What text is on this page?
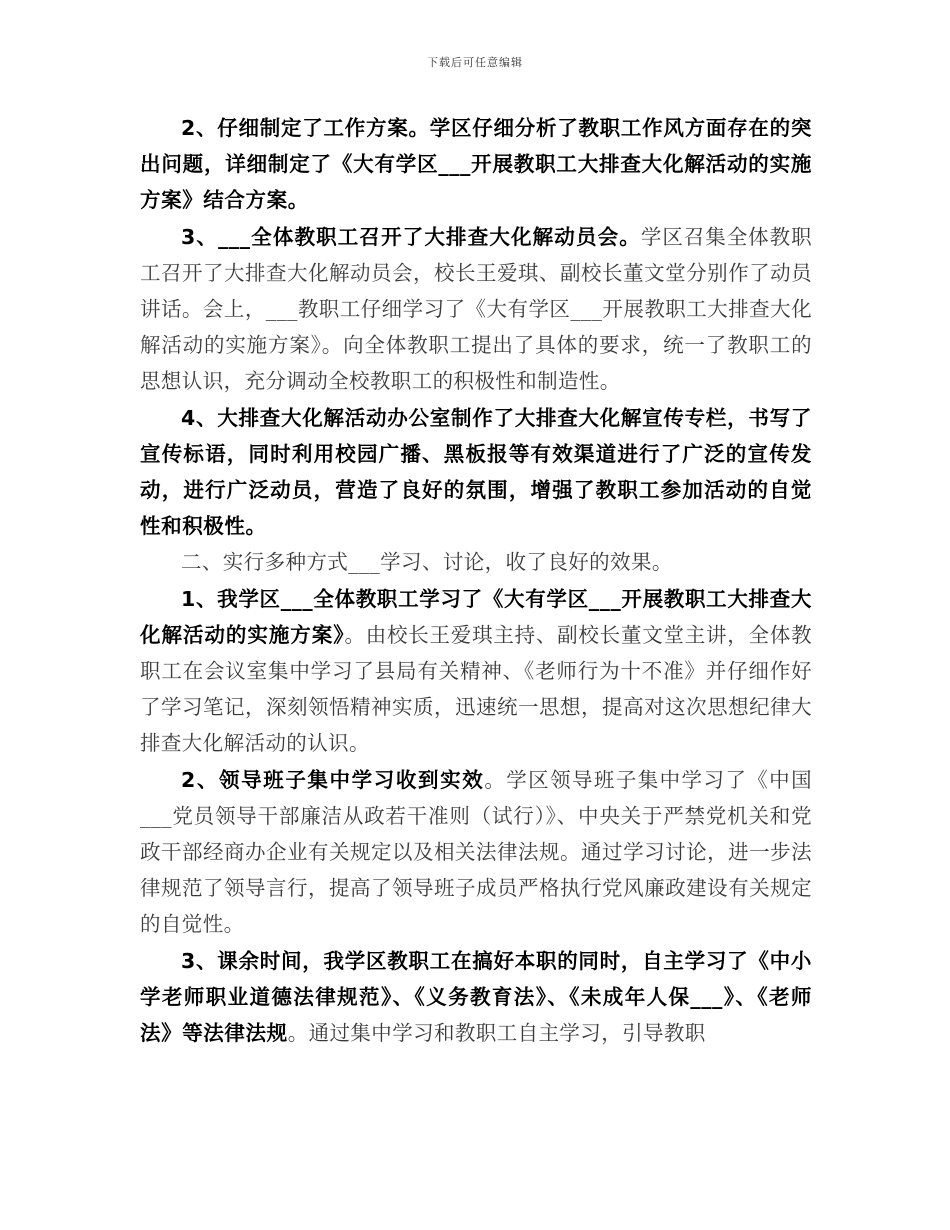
下载后可任意编辑

2、仔细制定了工作方案。学区仔细分析了教职工作风方面存在的突出问题，详细制定了《大有学区___开展教职工大排查大化解活动的实施方案》结合方案。

3、___全体教职工召开了大排查大化解动员会。学区召集全体教职工召开了大排查大化解动员会，校长王爱琪、副校长董文堂分别作了动员讲话。会上，___教职工仔细学习了《大有学区___开展教职工大排查大化解活动的实施方案》。向全体教职工提出了具体的要求，统一了教职工的思想认识，充分调动全校教职工的积极性和制造性。

4、大排查大化解活动办公室制作了大排查大化解宣传专栏，书写了宣传标语，同时利用校园广播、黑板报等有效渠道进行了广泛的宣传发动，进行广泛动员，营造了良好的氛围，增强了教职工参加活动的自觉性和积极性。

二、实行多种方式___学习、讨论，收了良好的效果。

1、我学区___全体教职工学习了《大有学区___开展教职工大排查大化解活动的实施方案》。由校长王爱琪主持、副校长董文堂主讲，全体教职工在会议室集中学习了县局有关精神、《老师行为十不准》并仔细作好了学习笔记，深刻领悟精神实质，迅速统一思想，提高对这次思想纪律大排查大化解活动的认识。

2、领导班子集中学习收到实效。学区领导班子集中学习了《中国___党员领导干部廉洁从政若干准则（试行）》、中央关于严禁党机关和党政干部经商办企业有关规定以及相关法律法规。通过学习讨论，进一步法律规范了领导言行，提高了领导班子成员严格执行党风廉政建设有关规定的自觉性。

3、课余时间，我学区教职工在搞好本职的同时，自主学习了《中小学老师职业道德法律规范》、《义务教育法》、《未成年人保___》、《老师法》等法律法规。通过集中学习和教职工自主学习，引导教职
